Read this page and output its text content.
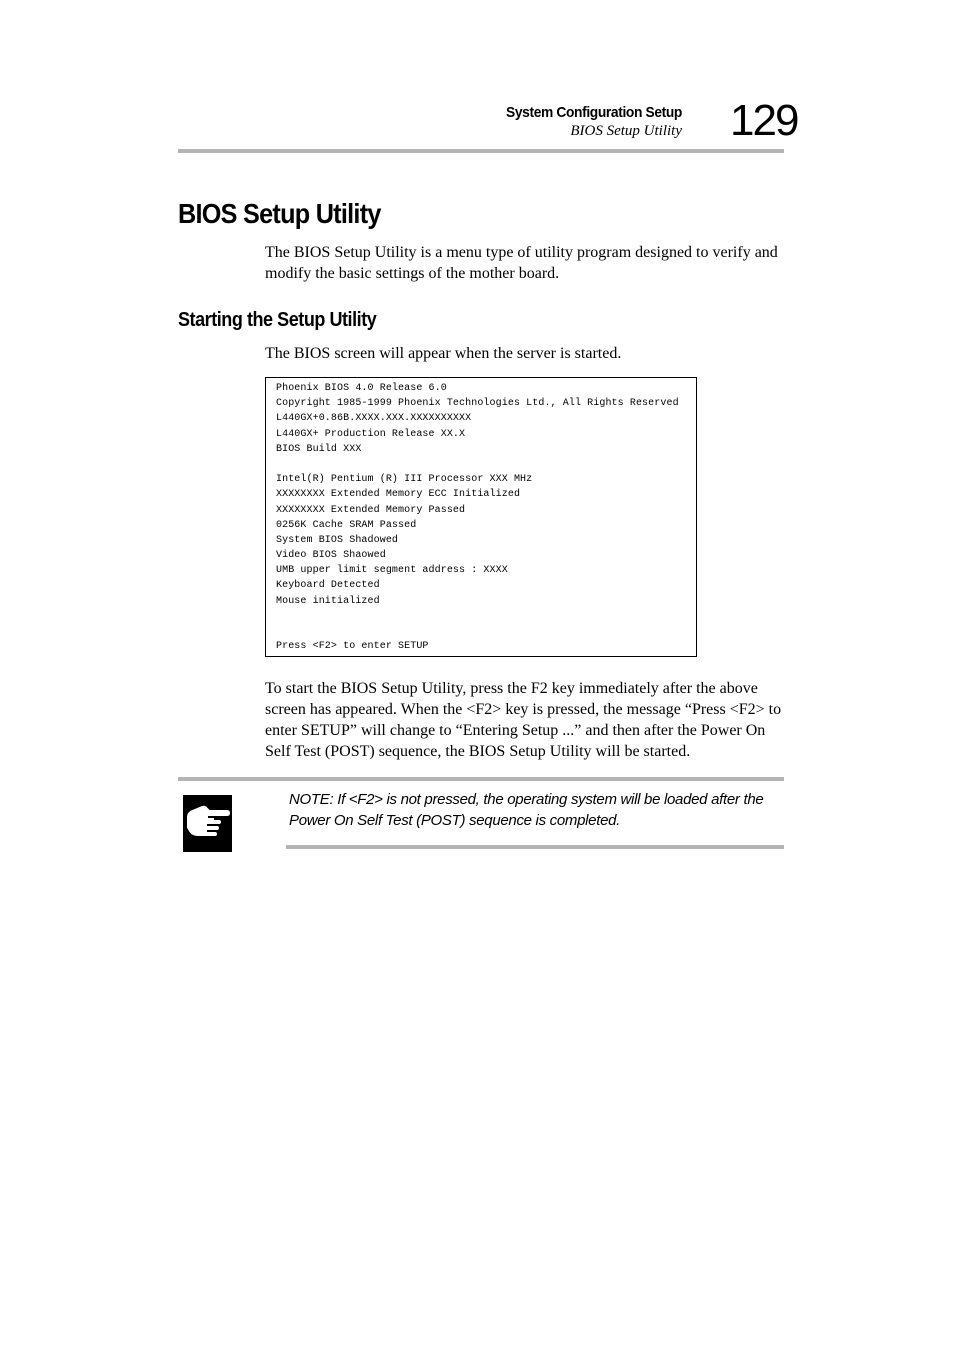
System Configuration Setup
BIOS Setup Utility 129
BIOS Setup Utility

The BIOS Setup Utility is a menu type of utility program designed to verify and modify the basic settings of the mother board.

Starting the Setup Utility

The BIOS screen will appear when the server is started.

Phoenix BIOS 4.0 Release 6.0
Copyright 1985-1999 Phoenix Technologies Ltd., All Rights Reserved
L440GX+0.86B.XXXX.XXX.XXXXXXXXXX
L440GX+ Production Release XX.X
BIOS Build XXX
Intel(R) Pentium (R) III Processor XXX MHz
XXXXXXXX Extended Memory ECC Initialized
XXXXXXXX Extended Memory Passed
0256K Cache SRAM Passed
System BIOS Shadowed
Video BIOS Shaowed
UMB upper limit segment address : XXXX
Keyboard Detected
Mouse initialized
Press <F2> to enter SETUP

To start the BIOS Setup Utility, press the F2 key immediately after the above screen has appeared. When the <F2> key is pressed, the message “Press <F2> to enter SETUP” will change to “Entering Setup ...” and then after the Power On Self Test (POST) sequence, the BIOS Setup Utility will be started.

NOTE: If <F2> is not pressed, the operating system will be loaded after the Power On Self Test (POST) sequence is completed.
